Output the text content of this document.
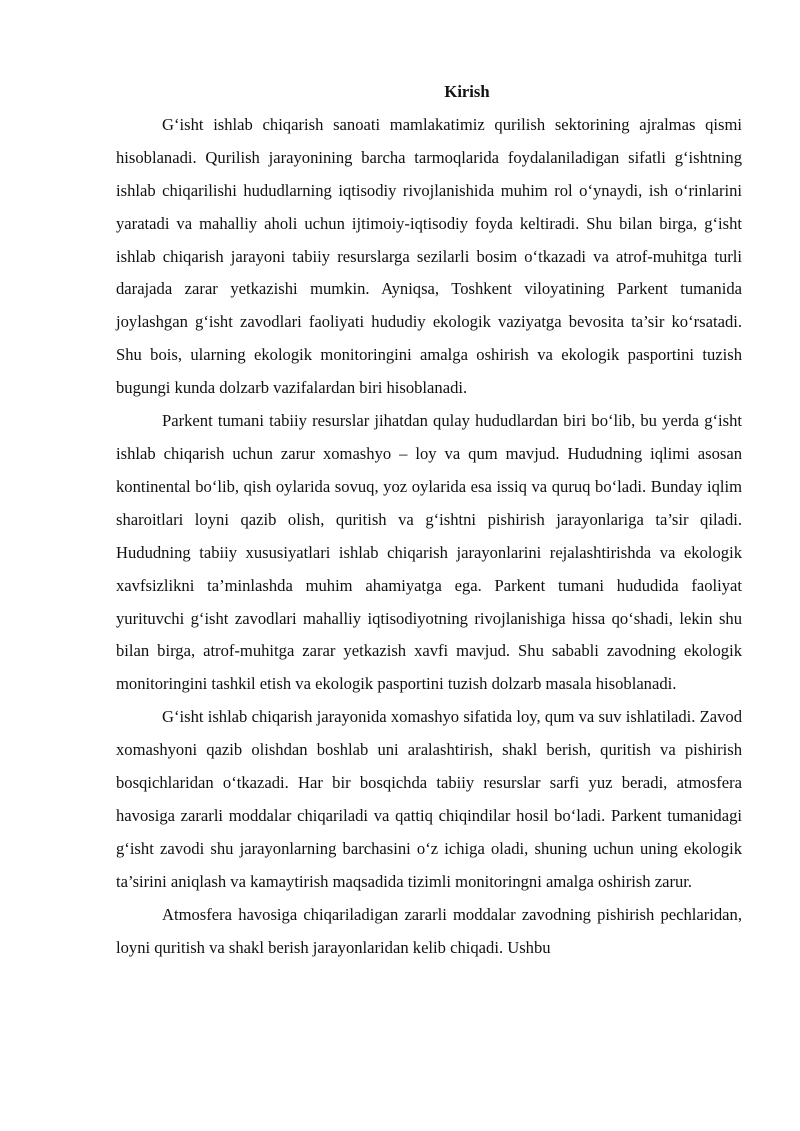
Kirish

G‘isht ishlab chiqarish sanoati mamlakatimiz qurilish sektorining ajralmas qismi hisoblanadi. Qurilish jarayonining barcha tarmoqlarida foydalaniladigan sifatli g‘ishtning ishlab chiqarilishi hududlarning iqtisodiy rivojlanishida muhim rol o‘ynaydi, ish o‘rinlarini yaratadi va mahalliy aholi uchun ijtimoiy-iqtisodiy foyda keltiradi. Shu bilan birga, g‘isht ishlab chiqarish jarayoni tabiiy resurslarga sezilarli bosim o‘tkazadi va atrof-muhitga turli darajada zarar yetkazishi mumkin. Ayniqsa, Toshkent viloyatining Parkent tumanida joylashgan g‘isht zavodlari faoliyati hududiy ekologik vaziyatga bevosita ta’sir ko‘rsatadi. Shu bois, ularning ekologik monitoringini amalga oshirish va ekologik pasportini tuzish bugungi kunda dolzarb vazifalardan biri hisoblanadi.

Parkent tumani tabiiy resurslar jihatdan qulay hududlardan biri bo‘lib, bu yerda g‘isht ishlab chiqarish uchun zarur xomashyo – loy va qum mavjud. Hududning iqlimi asosan kontinental bo‘lib, qish oylarida sovuq, yoz oylarida esa issiq va quruq bo‘ladi. Bunday iqlim sharoitlari loyni qazib olish, quritish va g‘ishtni pishirish jarayonlariga ta’sir qiladi. Hududning tabiiy xususiyatlari ishlab chiqarish jarayonlarini rejalashtirishda va ekologik xavfsizlikni ta’minlashda muhim ahamiyatga ega. Parkent tumani hududida faoliyat yurituvchi g‘isht zavodlari mahalliy iqtisodiyotning rivojlanishiga hissa qo‘shadi, lekin shu bilan birga, atrof-muhitga zarar yetkazish xavfi mavjud. Shu sababli zavodning ekologik monitoringini tashkil etish va ekologik pasportini tuzish dolzarb masala hisoblanadi.

G‘isht ishlab chiqarish jarayonida xomashyo sifatida loy, qum va suv ishlatiladi. Zavod xomashyoni qazib olishdan boshlab uni aralashtirish, shakl berish, quritish va pishirish bosqichlaridan o‘tkazadi. Har bir bosqichda tabiiy resurslar sarfi yuz beradi, atmosfera havosiga zararli moddalar chiqariladi va qattiq chiqindilar hosil bo‘ladi. Parkent tumanidagi g‘isht zavodi shu jarayonlarning barchasini o‘z ichiga oladi, shuning uchun uning ekologik ta’sirini aniqlash va kamaytirish maqsadida tizimli monitoringni amalga oshirish zarur.

Atmosfera havosiga chiqariladigan zararli moddalar zavodning pishirish pechlaridan, loyni quritish va shakl berish jarayonlaridan kelib chiqadi. Ushbu
